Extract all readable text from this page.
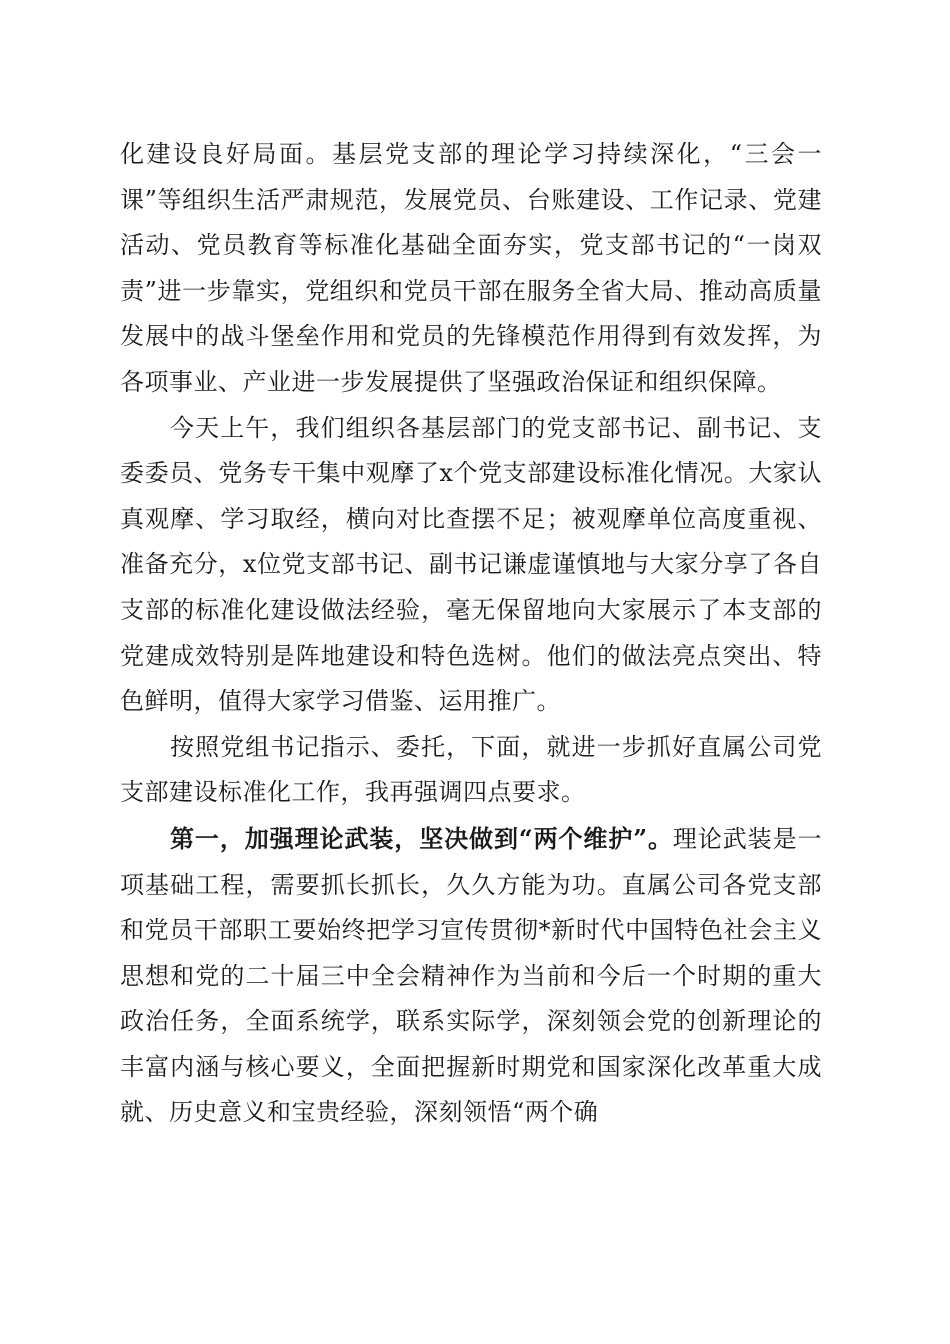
化建设良好局面。基层党支部的理论学习持续深化，“三会一课”等组织生活严肃规范，发展党员、台账建设、工作记录、党建活动、党员教育等标准化基础全面夯实，党支部书记的“一岗双责”进一步靠实，党组织和党员干部在服务全省大局、推动高质量发展中的战斗堡垒作用和党员的先锋模范作用得到有效发挥，为各项事业、产业进一步发展提供了坚强政治保证和组织保障。

今天上午，我们组织各基层部门的党支部书记、副书记、支委委员、党务专干集中观摩了x个党支部建设标准化情况。大家认真观摩、学习取经，横向对比查摆不足；被观摩单位高度重视、准备充分，x位党支部书记、副书记谦虚谨慎地与大家分享了各自支部的标准化建设做法经验，毫无保留地向大家展示了本支部的党建成效特别是阵地建设和特色选树。他们的做法亮点突出、特色鲜明，值得大家学习借鉴、运用推广。

按照党组书记指示、委托，下面，就进一步抓好直属公司党支部建设标准化工作，我再强调四点要求。

第一，加强理论武装，坚决做到“两个维护”。理论武装是一项基础工程，需要抓长抓长，久久方能为功。直属公司各党支部和党员干部职工要始终把学习宣传贯彻*新时代中国特色社会主义思想和党的二十届三中全会精神作为当前和今后一个时期的重大政治任务，全面系统学，联系实际学，深刻领会党的创新理论的丰富内涵与核心要义，全面把握新时期党和国家深化改革重大成就、历史意义和宝贵经验，深刻领悟“两个确
